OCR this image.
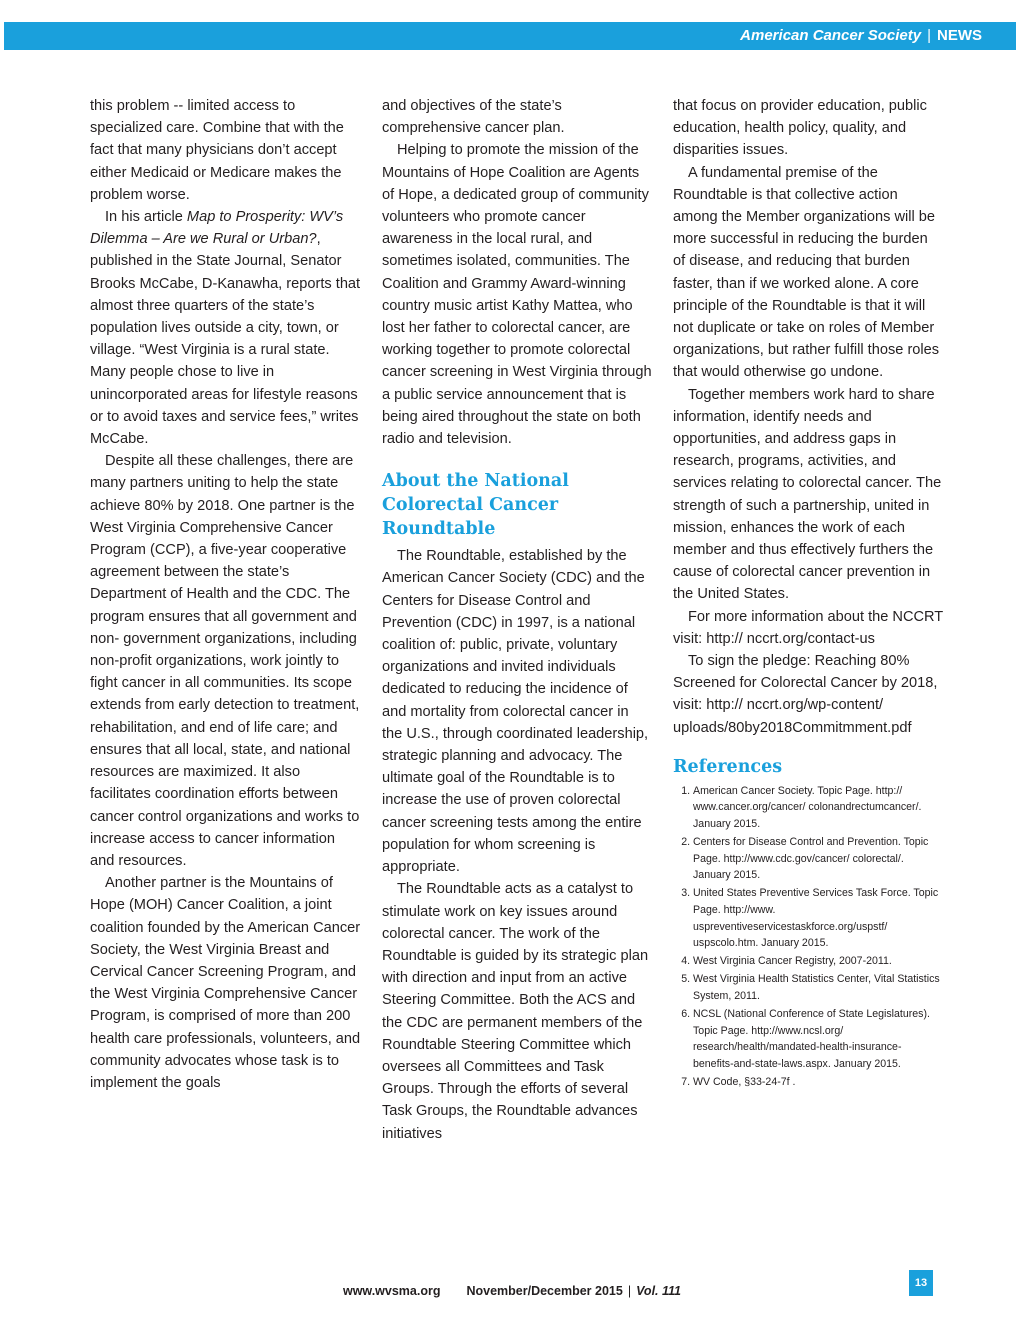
American Cancer Society | NEWS

this problem -- limited access to specialized care. Combine that with the fact that many physicians don’t accept either Medicaid or Medicare makes the problem worse.

In his article Map to Prosperity: WV’s Dilemma – Are we Rural or Urban?, published in the State Journal, Senator Brooks McCabe, D-Kanawha, reports that almost three quarters of the state’s population lives outside a city, town, or village. “West Virginia is a rural state. Many people chose to live in unincorporated areas for lifestyle reasons or to avoid taxes and service fees,” writes McCabe.

Despite all these challenges, there are many partners uniting to help the state achieve 80% by 2018. One partner is the West Virginia Comprehensive Cancer Program (CCP), a five-year cooperative agreement between the state’s Department of Health and the CDC. The program ensures that all government and non- government organizations, including non-profit organizations, work jointly to fight cancer in all communities. Its scope extends from early detection to treatment, rehabilitation, and end of life care; and ensures that all local, state, and national resources are maximized. It also facilitates coordination efforts between cancer control organizations and works to increase access to cancer information and resources.

Another partner is the Mountains of Hope (MOH) Cancer Coalition, a joint coalition founded by the American Cancer Society, the West Virginia Breast and Cervical Cancer Screening Program, and the West Virginia Comprehensive Cancer Program, is comprised of more than 200 health care professionals, volunteers, and community advocates whose task is to implement the goals

and objectives of the state’s comprehensive cancer plan.

Helping to promote the mission of the Mountains of Hope Coalition are Agents of Hope, a dedicated group of community volunteers who promote cancer awareness in the local rural, and sometimes isolated, communities. The Coalition and Grammy Award-winning country music artist Kathy Mattea, who lost her father to colorectal cancer, are working together to promote colorectal cancer screening in West Virginia through a public service announcement that is being aired throughout the state on both radio and television.

About the National Colorectal Cancer Roundtable

The Roundtable, established by the American Cancer Society (CDC) and the Centers for Disease Control and Prevention (CDC) in 1997, is a national coalition of: public, private, voluntary organizations and invited individuals dedicated to reducing the incidence of and mortality from colorectal cancer in the U.S., through coordinated leadership, strategic planning and advocacy. The ultimate goal of the Roundtable is to increase the use of proven colorectal cancer screening tests among the entire population for whom screening is appropriate.

The Roundtable acts as a catalyst to stimulate work on key issues around colorectal cancer. The work of the Roundtable is guided by its strategic plan with direction and input from an active Steering Committee. Both the ACS and the CDC are permanent members of the Roundtable Steering Committee which oversees all Committees and Task Groups. Through the efforts of several Task Groups, the Roundtable advances initiatives

that focus on provider education, public education, health policy, quality, and disparities issues.

A fundamental premise of the Roundtable is that collective action among the Member organizations will be more successful in reducing the burden of disease, and reducing that burden faster, than if we worked alone. A core principle of the Roundtable is that it will not duplicate or take on roles of Member organizations, but rather fulfill those roles that would otherwise go undone.

Together members work hard to share information, identify needs and opportunities, and address gaps in research, programs, activities, and services relating to colorectal cancer. The strength of such a partnership, united in mission, enhances the work of each member and thus effectively furthers the cause of colorectal cancer prevention in the United States.

For more information about the NCCRT visit: http:// nccrt.org/contact-us

To sign the pledge: Reaching 80% Screened for Colorectal Cancer by 2018, visit: http:// nccrt.org/wp-content/ uploads/80by2018Commitmment.pdf

References
1. American Cancer Society. Topic Page. http:// www.cancer.org/cancer/ colonandrectumcancer/. January 2015.
2. Centers for Disease Control and Prevention. Topic Page. http://www.cdc.gov/cancer/ colorectal/. January 2015.
3. United States Preventive Services Task Force. Topic Page. http://www. uspreventiveservicestaskforce.org/uspstf/ uspscolo.htm. January 2015.
4. West Virginia Cancer Registry, 2007-2011.
5. West Virginia Health Statistics Center, Vital Statistics System, 2011.
6. NCSL (National Conference of State Legislatures). Topic Page. http://www.ncsl.org/ research/health/mandated-health-insurance- benefits-and-state-laws.aspx. January 2015.
7. WV Code, §33-24-7f .
www.wvsma.org November/December 2015 | Vol. 111
13
